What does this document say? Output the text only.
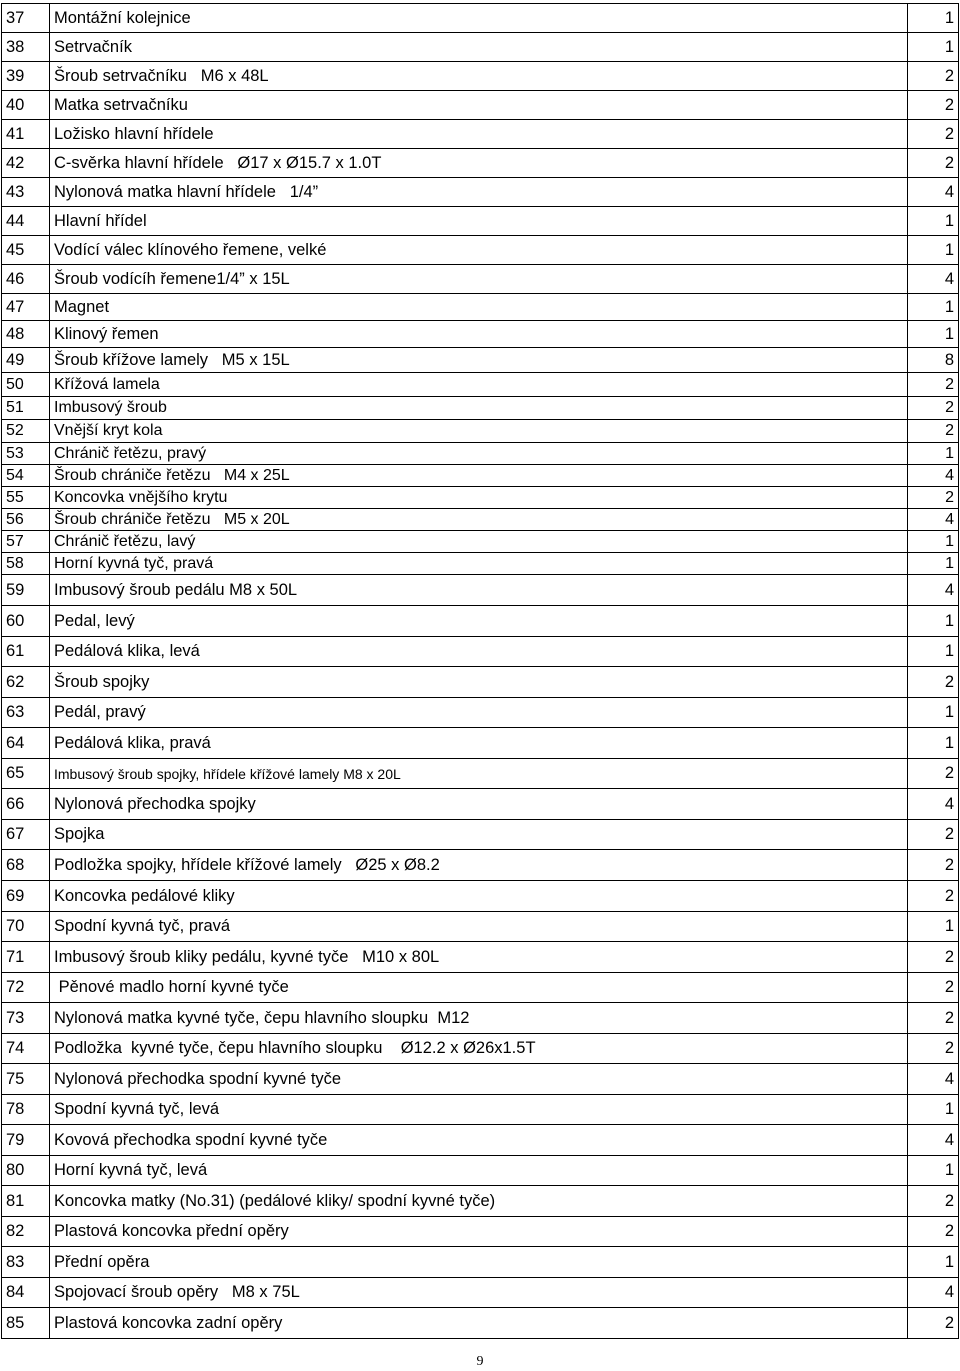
37	Montážní kolejnice	1
38	Setrvačník	1
39	Šroub setrvačníku   M6 x 48L	2
40	Matka setrvačníku	2
41	Ložisko hlavní hřídele	2
42	C-svěrka hlavní hřídele   Ø17 x Ø15.7 x 1.0T	2
43	Nylonová matka hlavní hřídele   1/4”	4
44	Hlavní hřídel	1
45	Vodící válec klínového řemene, velké	1
46	Šroub vodícíh řemene1/4” x 15L	4
47	Magnet	1
48	Klinový řemen	1
49	Šroub křížove lamely   M5 x 15L	8
50	Křížová lamela	2
51	Imbusový šroub	2
52	Vnější kryt kola	2
53	Chránič řetězu, pravý	1
54	Šroub chrániče řetězu   M4 x 25L	4
55	Koncovka vnějšího krytu	2
56	Šroub chrániče řetězu   M5 x 20L	4
57	Chránič řetězu, lavý	1
58	Horní kyvná tyč, pravá	1
59	Imbusový šroub pedálu M8 x 50L	4
60	Pedal, levý	1
61	Pedálová klika, levá	1
62	Šroub spojky	2
63	Pedál, pravý	1
64	Pedálová klika, pravá	1
65	Imbusový šroub spojky, hřídele křížové lamely M8 x 20L	2
66	Nylonová přechodka spojky	4
67	Spojka	2
68	Podložka spojky, hřídele křížové lamely   Ø25 x Ø8.2	2
69	Koncovka pedálové kliky	2
70	Spodní kyvná tyč, pravá	1
71	Imbusový šroub kliky pedálu, kyvné tyče   M10 x 80L	2
72	Pěnové madlo horní kyvné tyče	2
73	Nylonová matka kyvné tyče, čepu hlavního sloupku  M12	2
74	Podložka  kyvné tyče, čepu hlavního sloupku    Ø12.2 x Ø26x1.5T	2
75	Nylonová přechodka spodní kyvné tyče	4
78	Spodní kyvná tyč, levá	1
79	Kovová přechodka spodní kyvné tyče	4
80	Horní kyvná tyč, levá	1
81	Koncovka matky (No.31) (pedálové kliky/ spodní kyvné tyče)	2
82	Plastová koncovka přední opěry	2
83	Přední opěra	1
84	Spojovací šroub opěry   M8 x 75L	4
85	Plastová koncovka zadní opěry	2
9
